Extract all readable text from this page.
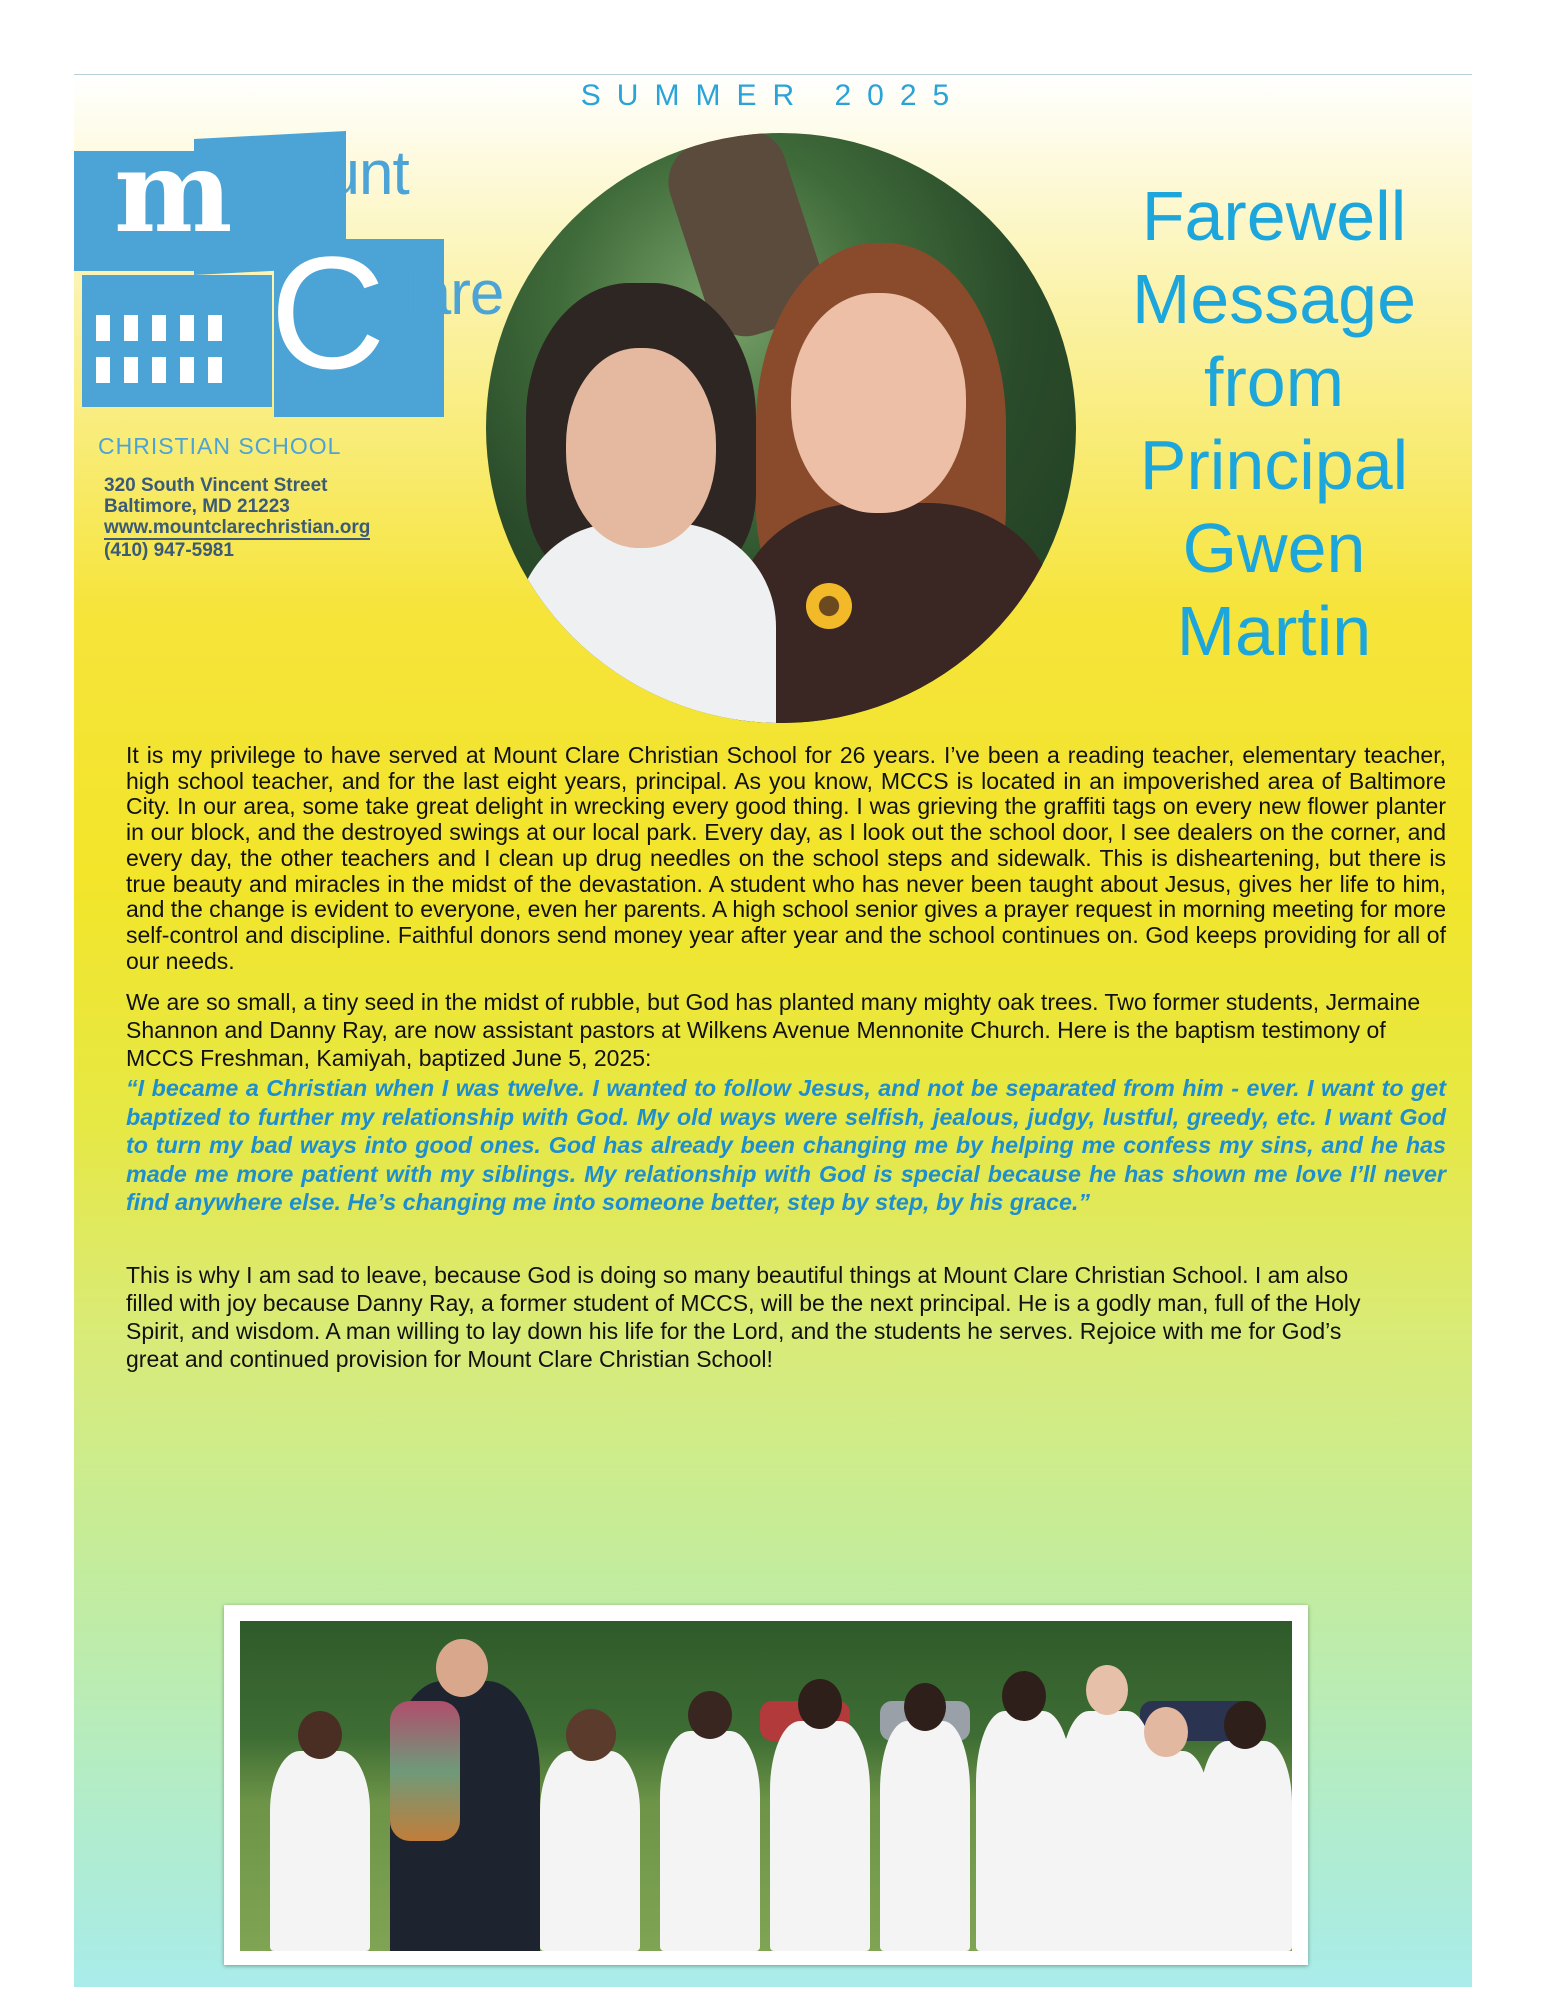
SUMMER 2025
m ount
C lare
CHRISTIAN SCHOOL
320 South Vincent Street
Baltimore, MD 21223
www.mountclarechristian.org
(410) 947-5981
Farewell
Message
from
Principal
Gwen
Martin

It is my privilege to have served at Mount Clare Christian School for 26 years. I’ve been a reading teacher, elementary teacher, high school teacher, and for the last eight years, principal. As you know, MCCS is located in an impoverished area of Baltimore City. In our area, some take great delight in wrecking every good thing. I was grieving the graffiti tags on every new flower planter in our block, and the destroyed swings at our local park. Every day, as I look out the school door, I see dealers on the corner, and every day, the other teachers and I clean up drug needles on the school steps and sidewalk. This is disheartening, but there is true beauty and miracles in the midst of the devastation. A student who has never been taught about Jesus, gives her life to him, and the change is evident to everyone, even her parents. A high school senior gives a prayer request in morning meeting for more self-control and discipline. Faithful donors send money year after year and the school continues on. God keeps providing for all of our needs.

We are so small, a tiny seed in the midst of rubble, but God has planted many mighty oak trees. Two former students, Jermaine Shannon and Danny Ray, are now assistant pastors at Wilkens Avenue Mennonite Church. Here is the baptism testimony of MCCS Freshman, Kamiyah, baptized June 5, 2025:

“I became a Christian when I was twelve. I wanted to follow Jesus, and not be separated from him - ever. I want to get baptized to further my relationship with God. My old ways were selfish, jealous, judgy, lustful, greedy, etc. I want God to turn my bad ways into good ones. God has already been changing me by helping me confess my sins, and he has made me more patient with my siblings. My relationship with God is special because he has shown me love I’ll never find anywhere else. He’s changing me into someone better, step by step, by his grace.”

This is why I am sad to leave, because God is doing so many beautiful things at Mount Clare Christian School. I am also filled with joy because Danny Ray, a former student of MCCS, will be the next principal. He is a godly man, full of the Holy Spirit, and wisdom. A man willing to lay down his life for the Lord, and the students he serves. Rejoice with me for God’s great and continued provision for Mount Clare Christian School!
